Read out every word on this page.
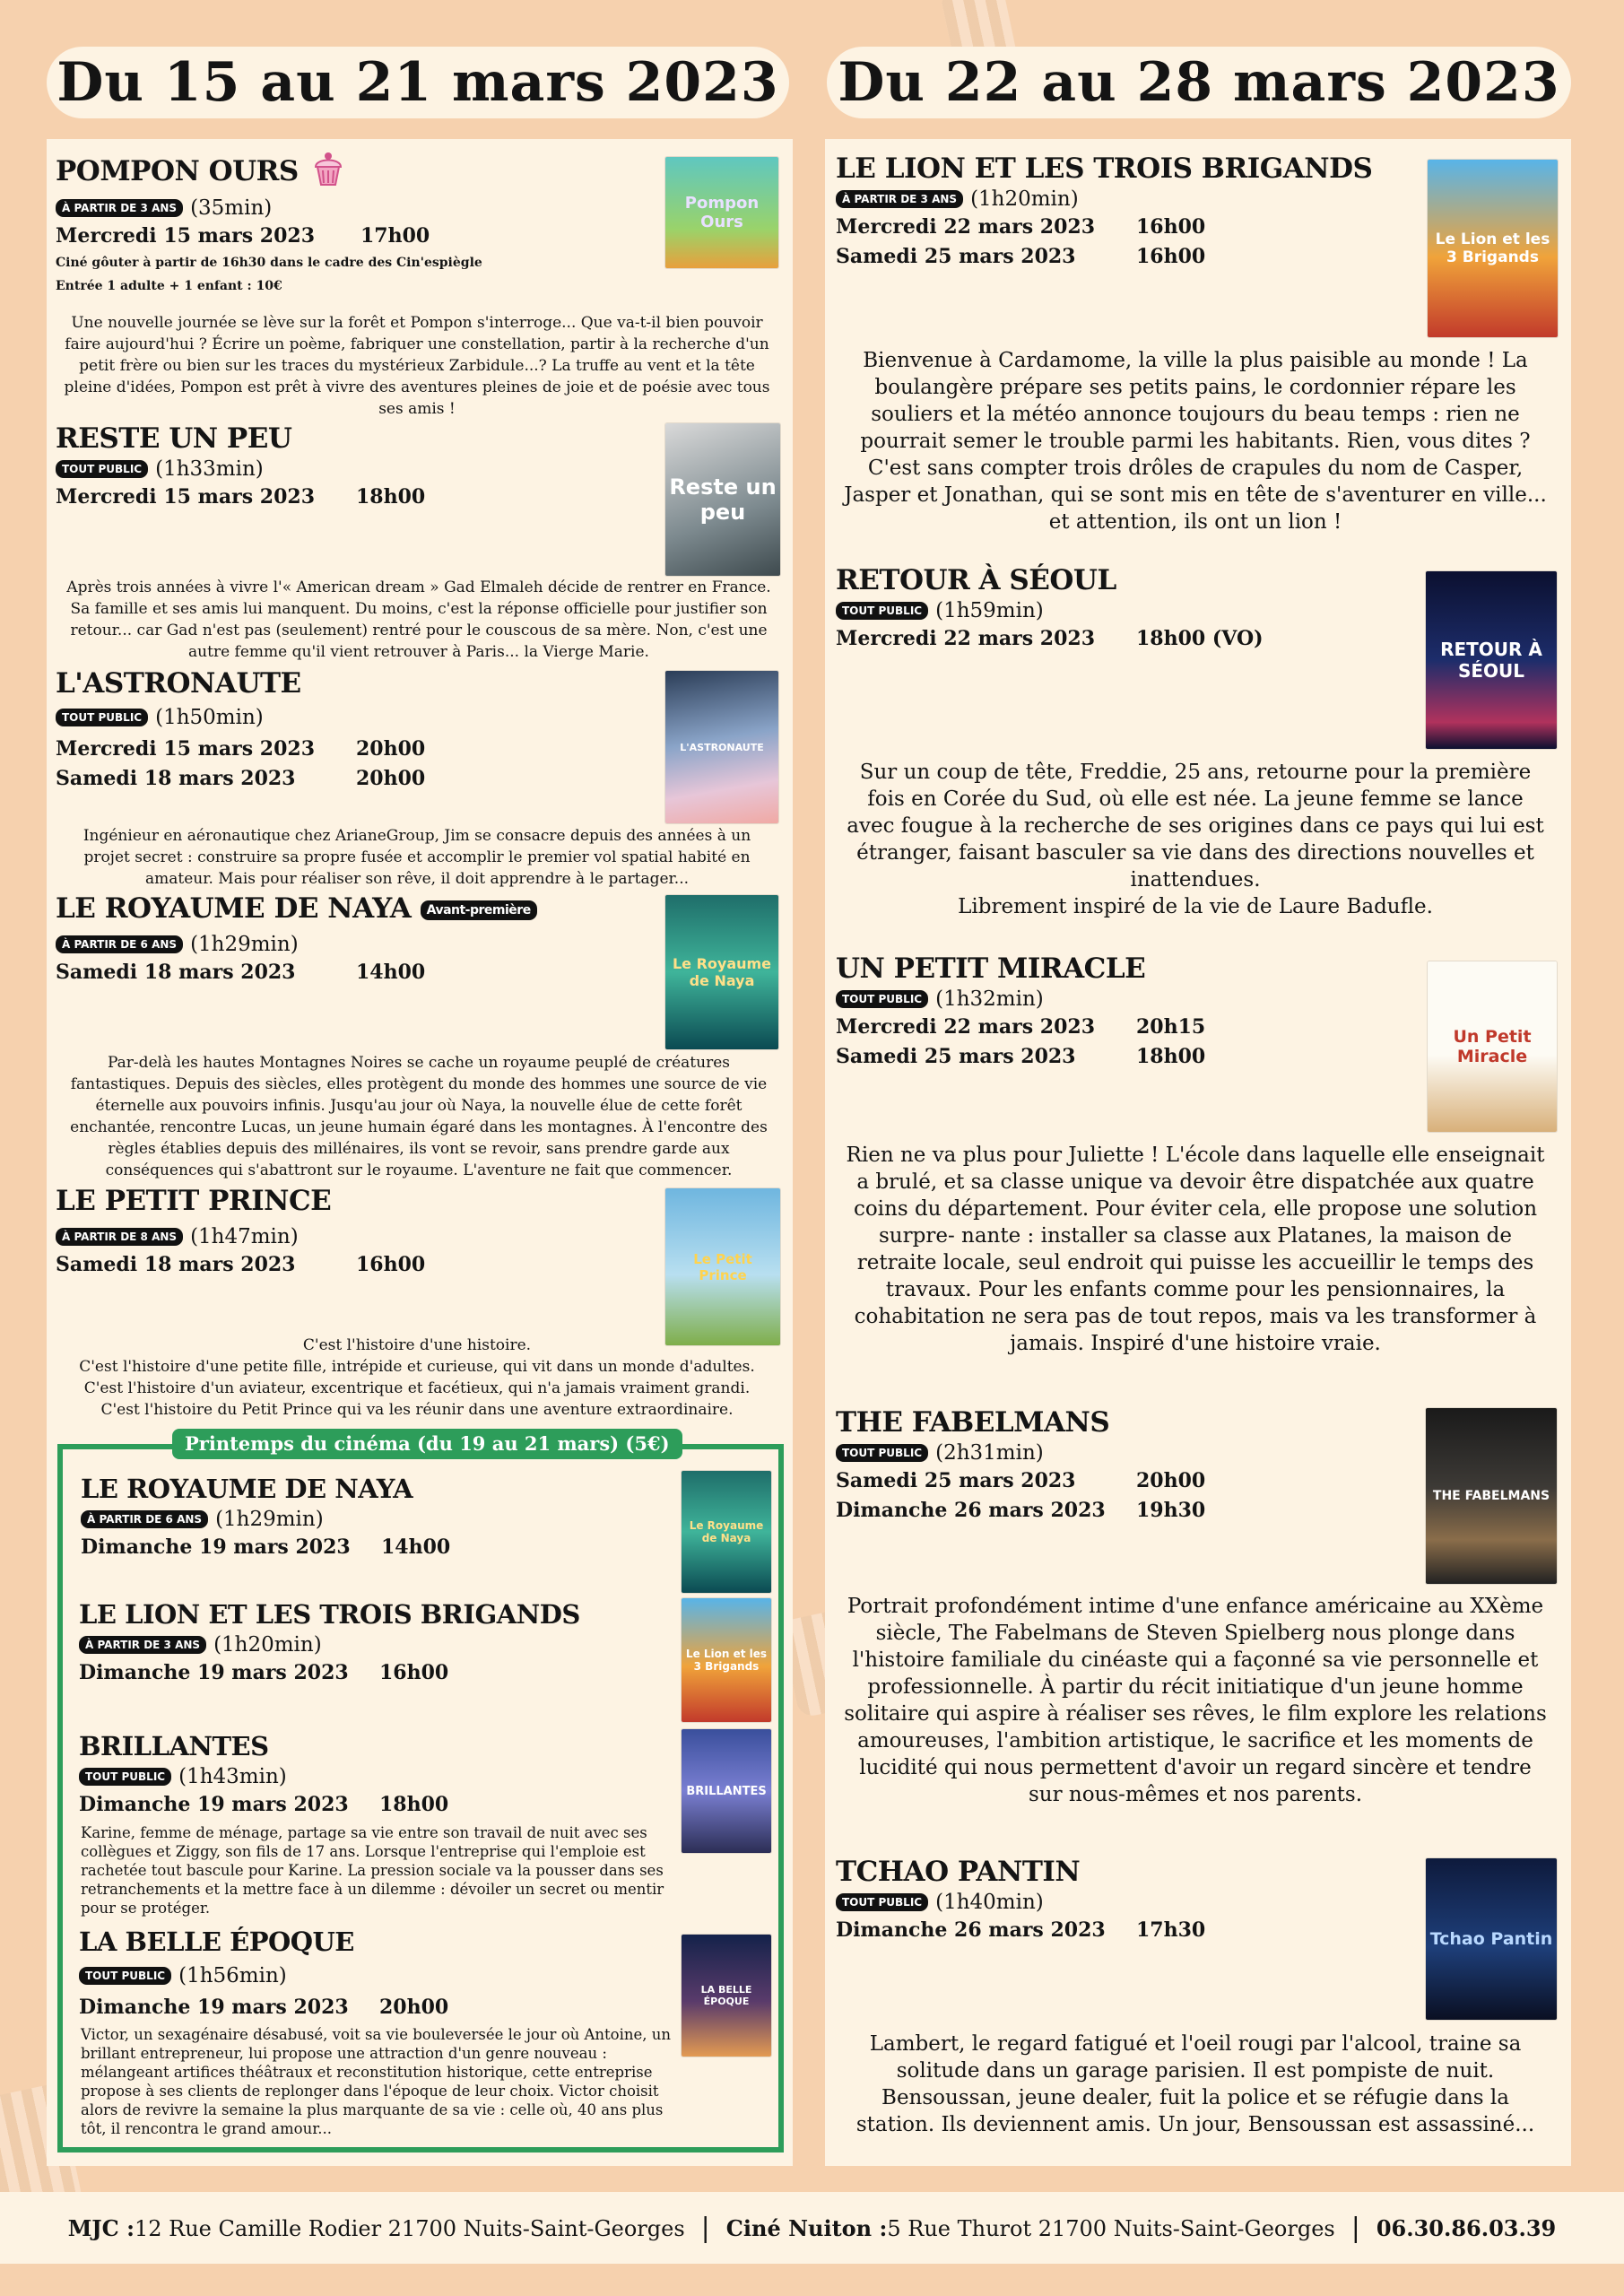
Du 15 au 21 mars 2023 Du 22 au 28 mars 2023
POMPON OURS
À PARTIR DE 3 ANS (35min)
Mercredi 15 mars 2023 17h00
Ciné gôuter à partir de 16h30 dans le cadre des Cin'espiègle
Entrée 1 adulte + 1 enfant : 10€
Pompon Ours
Une nouvelle journée se lève sur la forêt et Pompon s'interroge... Que va-t-il bien pouvoir faire aujourd'hui ? Écrire un poème, fabriquer une constellation, partir à la recherche d'un petit frère ou bien sur les traces du mystérieux Zarbidule...? La truffe au vent et la tête pleine d'idées, Pompon est prêt à vivre des aventures pleines de joie et de poésie avec tous ses amis !
RESTE UN PEU
TOUT PUBLIC (1h33min)
Mercredi 15 mars 2023 18h00	Reste un peu
Après trois années à vivre l'« American dream » Gad Elmaleh décide de rentrer en France. Sa famille et ses amis lui manquent. Du moins, c'est la réponse officielle pour justifier son retour... car Gad n'est pas (seulement) rentré pour le couscous de sa mère. Non, c'est une autre femme qu'il vient retrouver à Paris... la Vierge Marie.
L'ASTRONAUTE
TOUT PUBLIC (1h50min)
Mercredi 15 mars 2023 20h00
Samedi 18 mars 2023	20h00
L'ASTRONAUTE
Ingénieur en aéronautique chez ArianeGroup, Jim se consacre depuis des années à un projet secret : construire sa propre fusée et accomplir le premier vol spatial habité en amateur. Mais pour réaliser son rêve, il doit apprendre à le partager...
LE ROYAUME DE NAYA Avant-première
À PARTIR DE 6 ANS (1h29min)
Samedi 18 mars 2023	14h00	Le Royaume de Naya
Par-delà les hautes Montagnes Noires se cache un royaume peuplé de créatures fantastiques. Depuis des siècles, elles protègent du monde des hommes une source de vie éternelle aux pouvoirs infinis. Jusqu'au jour où Naya, la nouvelle élue de cette forêt enchantée, rencontre Lucas, un jeune humain égaré dans les montagnes. À l'encontre des règles établies depuis des millénaires, ils vont se revoir, sans prendre garde aux conséquences qui s'abattront sur le royaume. L'aventure ne fait que commencer.
LE PETIT PRINCE
À PARTIR DE 8 ANS (1h47min)
Samedi 18 mars 2023	16h00	Le Petit Prince
C'est l'histoire d'une histoire.
C'est l'histoire d'une petite fille, intrépide et curieuse, qui vit dans un monde d'adultes.
C'est l'histoire d'un aviateur, excentrique et facétieux, qui n'a jamais vraiment grandi.
C'est l'histoire du Petit Prince qui va les réunir dans une aventure extraordinaire.
Printemps du cinéma (du 19 au 21 mars) (5€)
LE ROYAUME DE NAYA
À PARTIR DE 6 ANS (1h29min)
Dimanche 19 mars 2023 14h00
Le Royaume de Naya
LE LION ET LES TROIS BRIGANDS
À PARTIR DE 3 ANS (1h20min)
Dimanche 19 mars 2023 16h00
Le Lion et les 3 Brigands
BRILLANTES
TOUT PUBLIC (1h43min)
Dimanche 19 mars 2023 18h00
BRILLANTES
Karine, femme de ménage, partage sa vie entre son travail de nuit avec ses collègues et Ziggy, son fils de 17 ans. Lorsque l'entreprise qui l'emploie est rachetée tout bascule pour Karine. La pression sociale va la pousser dans ses retranchements et la mettre face à un dilemme : dévoiler un secret ou mentir pour se protéger.
LA BELLE ÉPOQUE
TOUT PUBLIC (1h56min)
Dimanche 19 mars 2023 20h00
LA BELLE ÉPOQUE
Victor, un sexagénaire désabusé, voit sa vie bouleversée le jour où Antoine, un brillant entrepreneur, lui propose une attraction d'un genre nouveau : mélangeant artifices théâtraux et reconstitution historique, cette entreprise propose à ses clients de replonger dans l'époque de leur choix. Victor choisit alors de revivre la semaine la plus marquante de sa vie : celle où, 40 ans plus tôt, il rencontra le grand amour...
LE LION ET LES TROIS BRIGANDS
À PARTIR DE 3 ANS (1h20min)
Mercredi 22 mars 2023 16h00
Samedi 25 mars 2023	16h00
Le Lion et les 3 Brigands
Bienvenue à Cardamome, la ville la plus paisible au monde ! La boulangère prépare ses petits pains, le cordonnier répare les souliers et la météo annonce toujours du beau temps : rien ne pourrait semer le trouble parmi les habitants. Rien, vous dites ? C'est sans compter trois drôles de crapules du nom de Casper, Jasper et Jonathan, qui se sont mis en tête de s'aventurer en ville... et attention, ils ont un lion !
RETOUR À SÉOUL
TOUT PUBLIC (1h59min)
Mercredi 22 mars 2023 18h00 (VO)	RETOUR À SÉOUL
Sur un coup de tête, Freddie, 25 ans, retourne pour la première fois en Corée du Sud, où elle est née. La jeune femme se lance avec fougue à la recherche de ses origines dans ce pays qui lui est étranger, faisant basculer sa vie dans des directions nouvelles et inattendues.
Librement inspiré de la vie de Laure Badufle.
UN PETIT MIRACLE
TOUT PUBLIC (1h32min)
Mercredi 22 mars 2023 20h15
Samedi 25 mars 2023	18h00
Un Petit Miracle
Rien ne va plus pour Juliette ! L'école dans laquelle elle enseignait a brulé, et sa classe unique va devoir être dispatchée aux quatre coins du département. Pour éviter cela, elle propose une solution surpre- nante : installer sa classe aux Platanes, la maison de retraite locale, seul endroit qui puisse les accueillir le temps des travaux. Pour les enfants comme pour les pensionnaires, la cohabitation ne sera pas de tout repos, mais va les transformer à jamais. Inspiré d'une histoire vraie.
THE FABELMANS
TOUT PUBLIC (2h31min)
Samedi 25 mars 2023	20h00
Dimanche 26 mars 2023 19h30
THE FABELMANS
Portrait profondément intime d'une enfance américaine au XXème siècle, The Fabelmans de Steven Spielberg nous plonge dans l'histoire familiale du cinéaste qui a façonné sa vie personnelle et professionnelle. À partir du récit initiatique d'un jeune homme solitaire qui aspire à réaliser ses rêves, le film explore les relations amoureuses, l'ambition artistique, le sacrifice et les moments de lucidité qui nous permettent d'avoir un regard sincère et tendre sur nous-mêmes et nos parents.
TCHAO PANTIN
TOUT PUBLIC (1h40min)
Dimanche 26 mars 2023 17h30	Tchao Pantin
Lambert, le regard fatigué et l'oeil rougi par l'alcool, traine sa solitude dans un garage parisien. Il est pompiste de nuit. Bensoussan, jeune dealer, fuit la police et se réfugie dans la station. Ils deviennent amis. Un jour, Bensoussan est assassiné...
MJC :12 Rue Camille Rodier 21700 Nuits-Saint-Georges | Ciné Nuiton :5 Rue Thurot 21700 Nuits-Saint-Georges | 06.30.86.03.39
